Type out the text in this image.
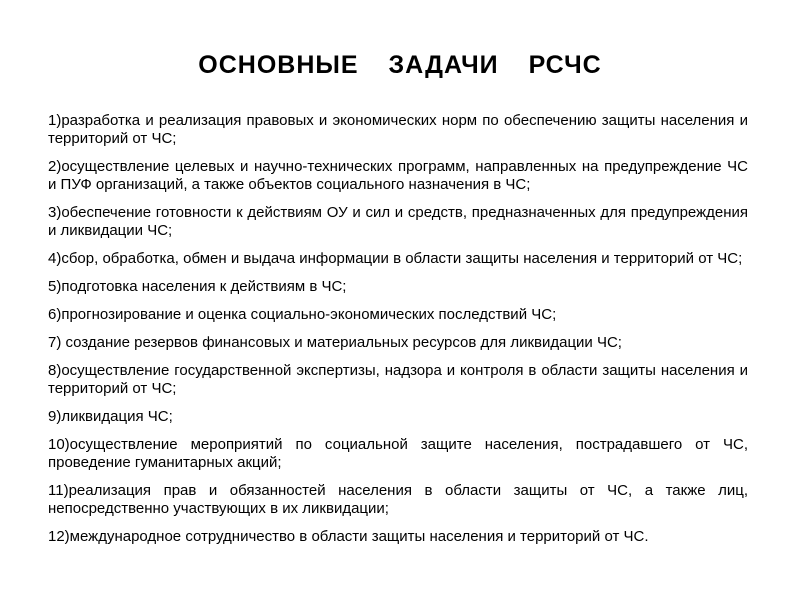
ОСНОВНЫЕ ЗАДАЧИ РСЧС
1)разработка и реализация правовых и экономических норм по обеспечению защиты населения и территорий от ЧС;
2)осуществление целевых и научно-технических программ, направленных на предупреждение ЧС и ПУФ организаций, а также объектов социального назначения в ЧС;
3)обеспечение готовности к действиям ОУ и сил и средств, предназначенных для предупреждения и ликвидации ЧС;
4)сбор, обработка, обмен и выдача информации в области защиты населения и территорий от ЧС;
5)подготовка населения к действиям в ЧС;
6)прогнозирование и оценка социально-экономических последствий ЧС;
7) создание резервов финансовых и материальных ресурсов для ликвидации ЧС;
8)осуществление государственной экспертизы, надзора и контроля в области защиты населения и территорий от ЧС;
9)ликвидация ЧС;
10)осуществление мероприятий по социальной защите населения, пострадавшего от ЧС, проведение гуманитарных акций;
11)реализация прав и обязанностей населения в области защиты от ЧС, а также лиц, непосредственно участвующих в их ликвидации;
12)международное сотрудничество в области защиты населения и территорий от ЧС.
